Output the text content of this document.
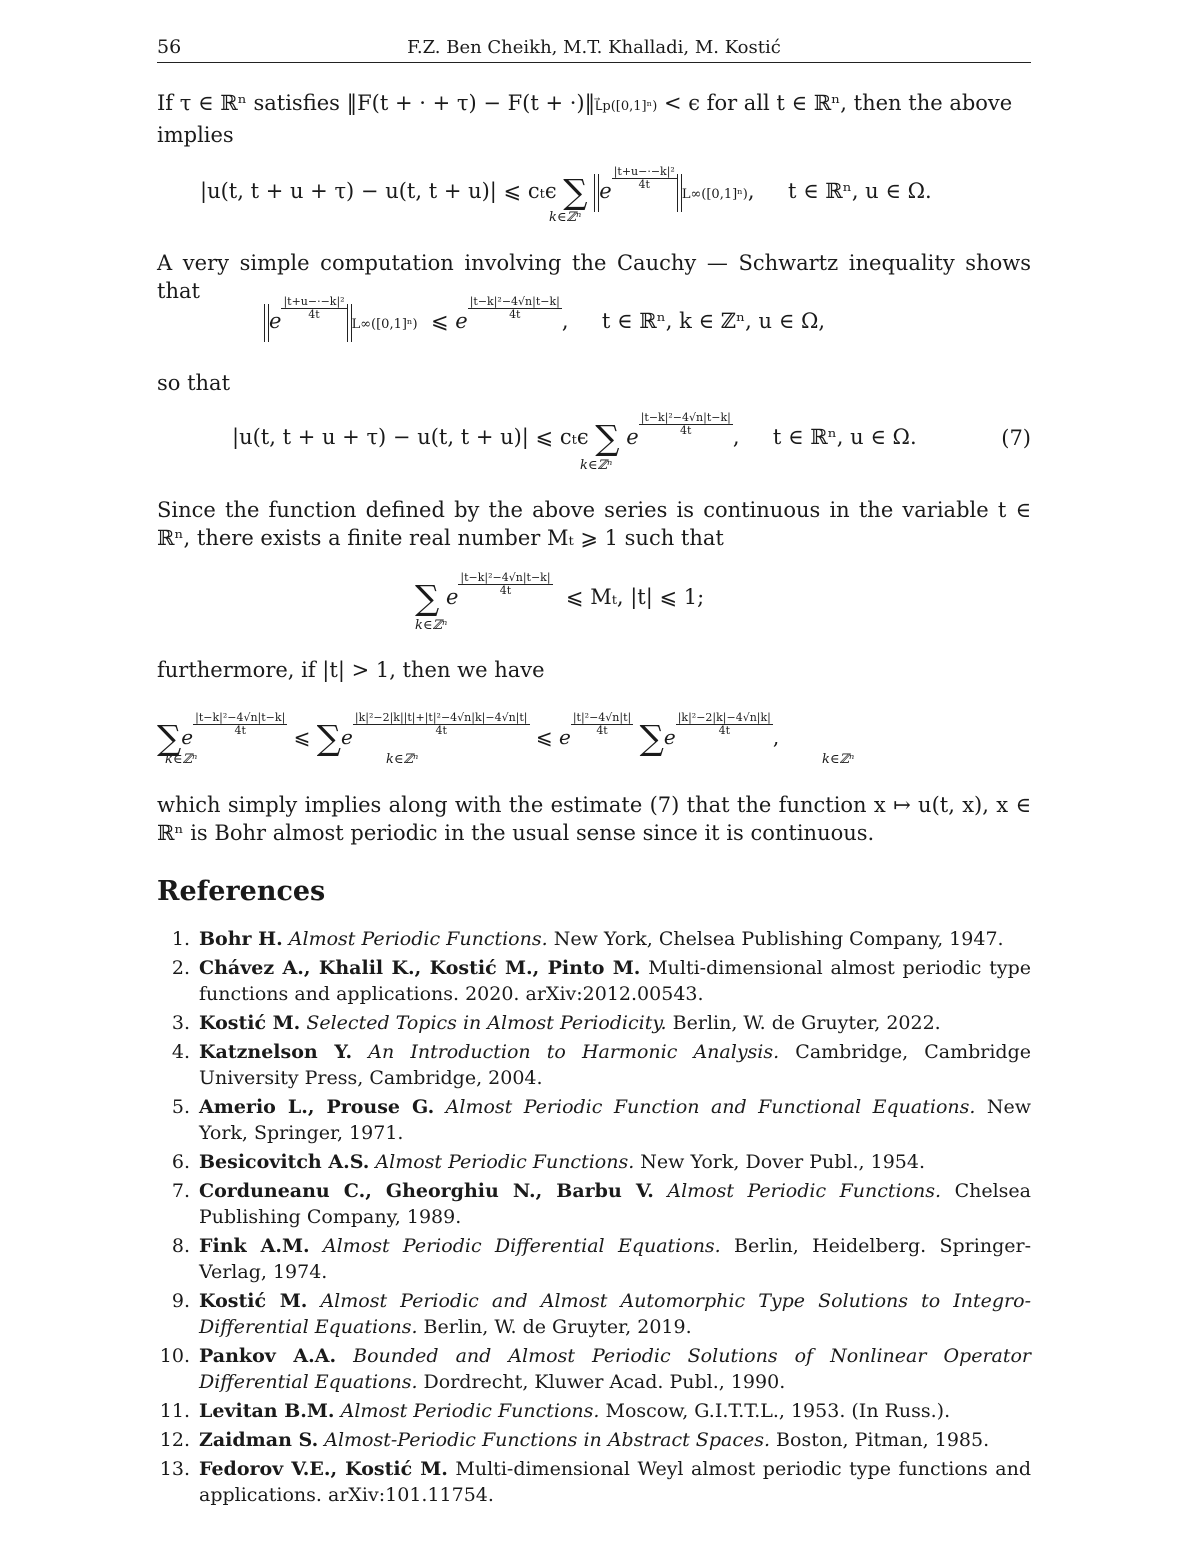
56	F.Z. Ben Cheikh, M.T. Khalladi, M. Kostić
If τ ∈ ℝⁿ satisfies ‖F(t + · + τ) − F(t + ·)‖L⃗p([0,1]ⁿ) < ϵ for all t ∈ ℝⁿ, then the above
implies
|u(t, t + u + τ) − u(t, t + u)| ⩽ ctϵ ∑ e $\frac{\text{|t+u−·−k|²}}{4t}$
L∞([0,1]ⁿ),     t ∈ ℝⁿ, u ∈ Ω.
k∈ℤⁿ
A very simple computation involving the Cauchy — Schwartz inequality shows that
e $\frac{\text{|t+u−·−k|²}}{4t}$
L∞([0,1]ⁿ)  ⩽ e $\frac{\text{|t−k|²−4√n|t−k|}}{4t}$ ,     t ∈ ℝⁿ, k ∈ ℤⁿ, u ∈ Ω,
so that
|u(t, t + u + τ) − u(t, t + u)| ⩽ ctϵ ∑ e $\frac{\text{|t−k|²−4√n|t−k|}}{4t}$ ,     t ∈ ℝⁿ, u ∈ Ω.	(7)
k∈ℤⁿ
Since the function defined by the above series is continuous in the variable t ∈ ℝⁿ, there exists a finite real number Mₜ ⩾ 1 such that
∑ e $\frac{\text{|t−k|²−4√n|t−k|}}{4t}$ ⩽ Mₜ, |t| ⩽ 1;
k∈ℤⁿ
furthermore, if |t| > 1, then we have
$\sum e \frac{\text{|t−k|²−4√n|t−k|}}{4t}$ ⩽ $\sum e \frac{\text{|k|²−2|k||t|+|t|²−4√n|k|−4√n|t|}}{4t}$ ⩽ e $\frac{\text{|t|²−4√n|t|}}{4t} \sum e \frac{\text{|k|²−2|k|−4√n|k|}}{4t}$ ,
k∈ℤⁿ	k∈ℤⁿ	k∈ℤⁿ
which simply implies along with the estimate (7) that the function x ↦ u(t, x), x ∈ ℝⁿ is Bohr almost periodic in the usual sense since it is continuous.
References
1. Bohr H. Almost Periodic Functions. New York, Chelsea Publishing Company, 1947.
2. Chávez A., Khalil K., Kostić M., Pinto M. Multi-dimensional almost periodic type functions and applications. 2020. arXiv:2012.00543.
3. Kostić M. Selected Topics in Almost Periodicity. Berlin, W. de Gruyter, 2022.
4. Katznelson Y. An Introduction to Harmonic Analysis. Cambridge, Cambridge University Press, Cambridge, 2004.
5. Amerio L., Prouse G. Almost Periodic Function and Functional Equations. New York, Springer, 1971.
6. Besicovitch A.S. Almost Periodic Functions. New York, Dover Publ., 1954.
7. Corduneanu C., Gheorghiu N., Barbu V. Almost Periodic Functions. Chelsea Publishing Company, 1989.
8. Fink A.M. Almost Periodic Differential Equations. Berlin, Heidelberg. Springer-Verlag, 1974.
9. Kostić M. Almost Periodic and Almost Automorphic Type Solutions to Integro-Differential Equations. Berlin, W. de Gruyter, 2019.
10. Pankov A.A. Bounded and Almost Periodic Solutions of Nonlinear Operator Differential Equations. Dordrecht, Kluwer Acad. Publ., 1990.
11. Levitan B.M. Almost Periodic Functions. Moscow, G.I.T.T.L., 1953. (In Russ.).
12. Zaidman S. Almost-Periodic Functions in Abstract Spaces. Boston, Pitman, 1985.
13. Fedorov V.E., Kostić M. Multi-dimensional Weyl almost periodic type functions and applications. arXiv:101.11754.
